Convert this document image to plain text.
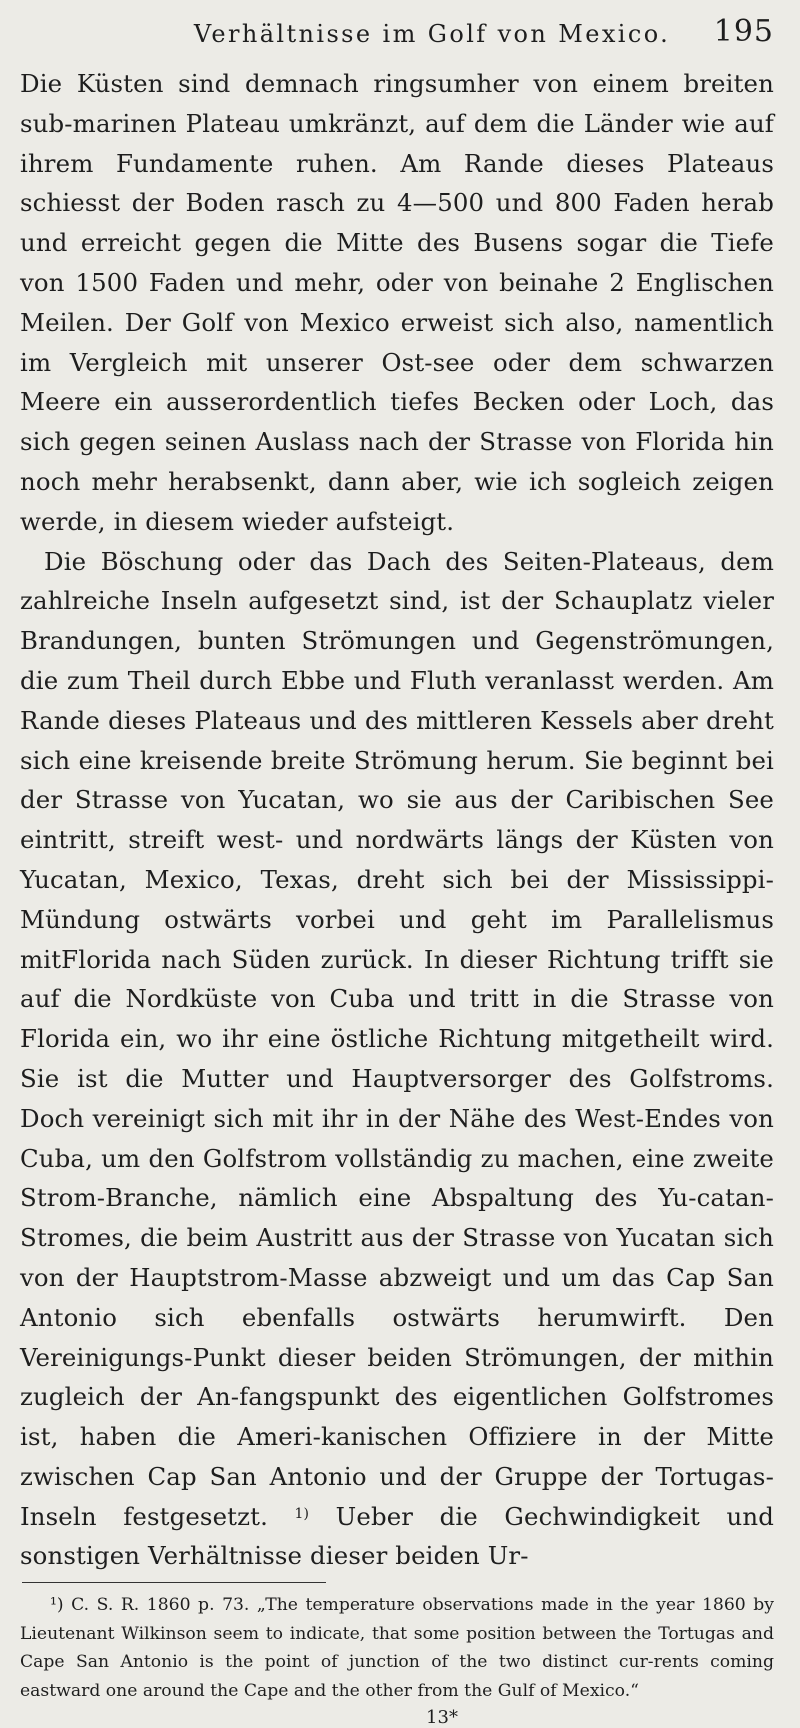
Verhältnisse im Golf von Mexico. 195

Die Küsten sind demnach ringsumher von einem breiten sub-marinen Plateau umkränzt, auf dem die Länder wie auf ihrem Fundamente ruhen. Am Rande dieses Plateaus schiesst der Boden rasch zu 4—500 und 800 Faden herab und erreicht gegen die Mitte des Busens sogar die Tiefe von 1500 Faden und mehr, oder von beinahe 2 Englischen Meilen. Der Golf von Mexico erweist sich also, namentlich im Vergleich mit unserer Ost-see oder dem schwarzen Meere ein ausserordentlich tiefes Becken oder Loch, das sich gegen seinen Auslass nach der Strasse von Florida hin noch mehr herabsenkt, dann aber, wie ich sogleich zeigen werde, in diesem wieder aufsteigt.

Die Böschung oder das Dach des Seiten-Plateaus, dem zahlreiche Inseln aufgesetzt sind, ist der Schauplatz vieler Brandungen, bunten Strömungen und Gegenströmungen, die zum Theil durch Ebbe und Fluth veranlasst werden. Am Rande dieses Plateaus und des mittleren Kessels aber dreht sich eine kreisende breite Strömung herum. Sie beginnt bei der Strasse von Yucatan, wo sie aus der Caribischen See eintritt, streift west- und nordwärts längs der Küsten von Yucatan, Mexico, Texas, dreht sich bei der Mississippi-Mündung ostwärts vorbei und geht im Parallelismus mitFlorida nach Süden zurück. In dieser Richtung trifft sie auf die Nordküste von Cuba und tritt in die Strasse von Florida ein, wo ihr eine östliche Richtung mitgetheilt wird. Sie ist die Mutter und Hauptversorger des Golfstroms. Doch vereinigt sich mit ihr in der Nähe des West-Endes von Cuba, um den Golfstrom vollständig zu machen, eine zweite Strom-Branche, nämlich eine Abspaltung des Yu-catan-Stromes, die beim Austritt aus der Strasse von Yucatan sich von der Hauptstrom-Masse abzweigt und um das Cap San Antonio sich ebenfalls ostwärts herumwirft. Den Vereinigungs-Punkt dieser beiden Strömungen, der mithin zugleich der An-fangspunkt des eigentlichen Golfstromes ist, haben die Ameri-kanischen Offiziere in der Mitte zwischen Cap San Antonio und der Gruppe der Tortugas-Inseln festgesetzt. $^{1)}$ Ueber die Gechwindigkeit und sonstigen Verhältnisse dieser beiden Ur-

¹) C. S. R. 1860 p. 73. „The temperature observations made in the year 1860 by Lieutenant Wilkinson seem to indicate, that some position between the Tortugas and Cape San Antonio is the point of junction of the two distinct cur-rents coming eastward one around the Cape and the other from the Gulf of Mexico.“
13*
